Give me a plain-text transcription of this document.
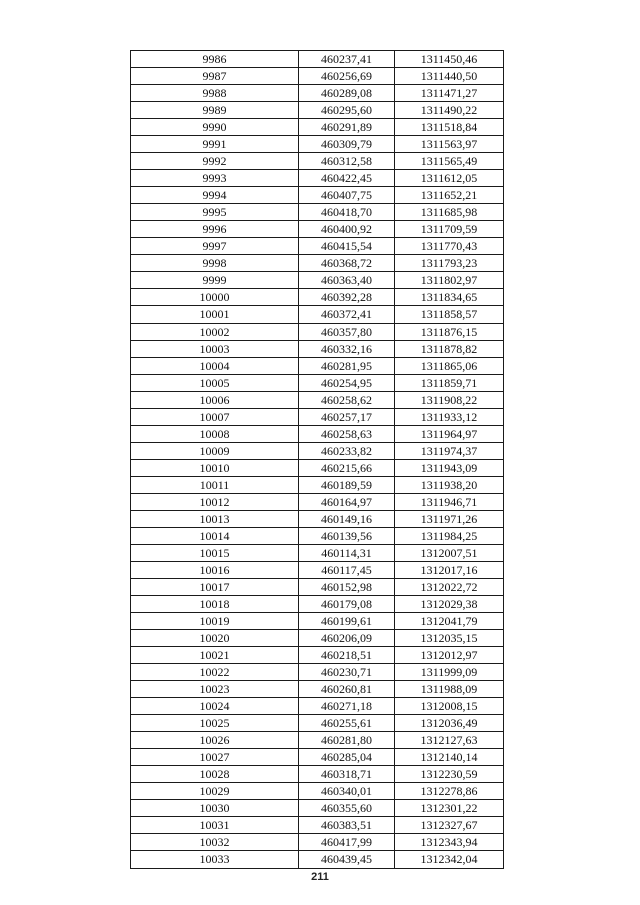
9986	460237,41	1311450,46
9987	460256,69	1311440,50
9988	460289,08	1311471,27
9989	460295,60	1311490,22
9990	460291,89	1311518,84
9991	460309,79	1311563,97
9992	460312,58	1311565,49
9993	460422,45	1311612,05
9994	460407,75	1311652,21
9995	460418,70	1311685,98
9996	460400,92	1311709,59
9997	460415,54	1311770,43
9998	460368,72	1311793,23
9999	460363,40	1311802,97
10000	460392,28	1311834,65
10001	460372,41	1311858,57
10002	460357,80	1311876,15
10003	460332,16	1311878,82
10004	460281,95	1311865,06
10005	460254,95	1311859,71
10006	460258,62	1311908,22
10007	460257,17	1311933,12
10008	460258,63	1311964,97
10009	460233,82	1311974,37
10010	460215,66	1311943,09
10011	460189,59	1311938,20
10012	460164,97	1311946,71
10013	460149,16	1311971,26
10014	460139,56	1311984,25
10015	460114,31	1312007,51
10016	460117,45	1312017,16
10017	460152,98	1312022,72
10018	460179,08	1312029,38
10019	460199,61	1312041,79
10020	460206,09	1312035,15
10021	460218,51	1312012,97
10022	460230,71	1311999,09
10023	460260,81	1311988,09
10024	460271,18	1312008,15
10025	460255,61	1312036,49
10026	460281,80	1312127,63
10027	460285,04	1312140,14
10028	460318,71	1312230,59
10029	460340,01	1312278,86
10030	460355,60	1312301,22
10031	460383,51	1312327,67
10032	460417,99	1312343,94
10033	460439,45	1312342,04
211
